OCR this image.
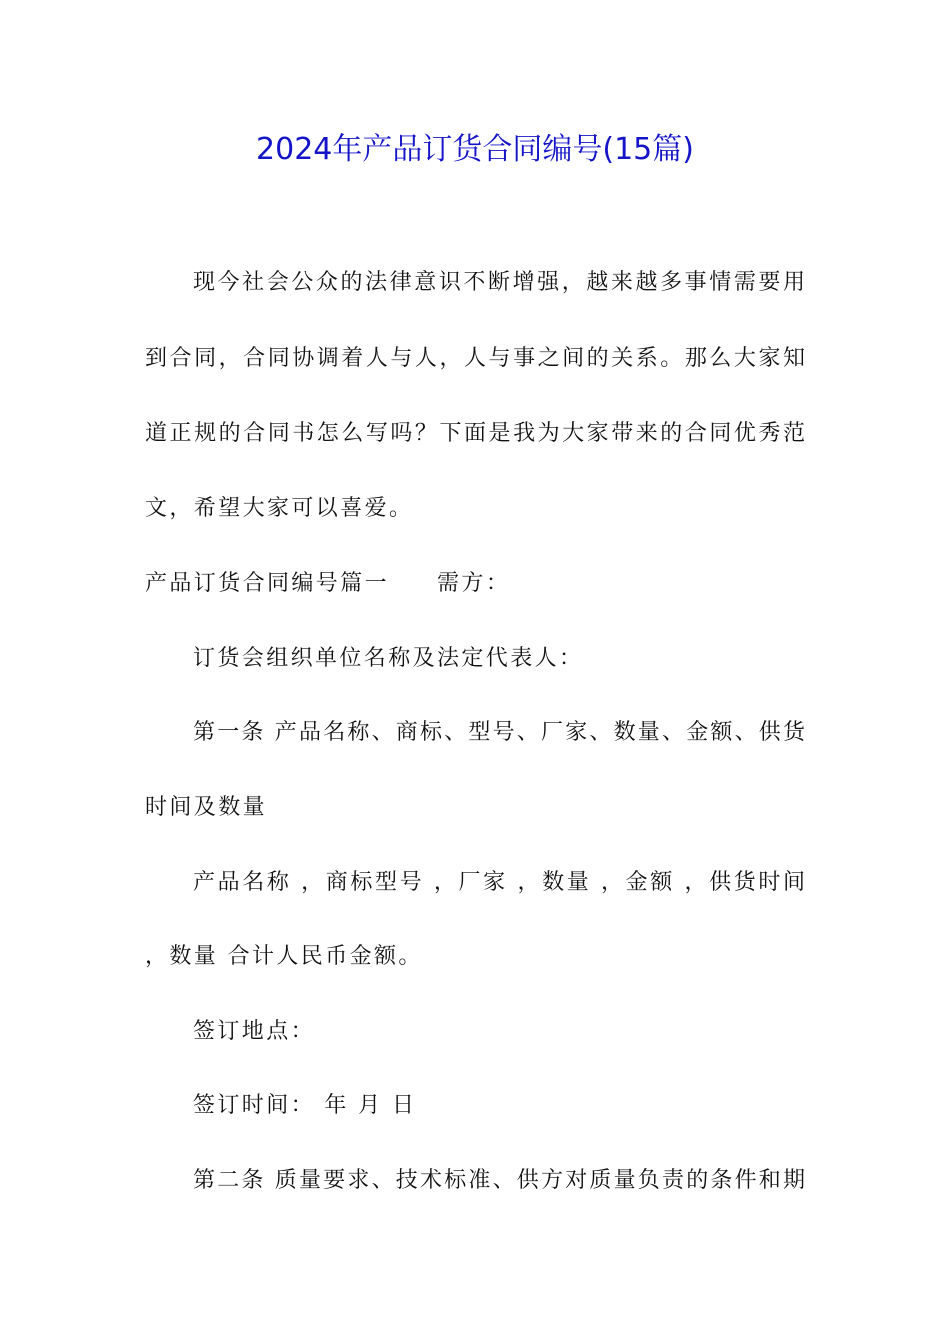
2024年产品订货合同编号(15篇)
现今社会公众的法律意识不断增强，越来越多事情需要用
到合同，合同协调着人与人，人与事之间的关系。那么大家知
道正规的合同书怎么写吗？下面是我为大家带来的合同优秀范
文，希望大家可以喜爱。
产品订货合同编号篇一 需方：
订货会组织单位名称及法定代表人：
第一条 产品名称、商标、型号、厂家、数量、金额、供货
时间及数量
产品名称 ，商标型号 ，厂家 ，数量 ，金额 ，供货时间
，数量 合计人民币金额。
签订地点：
签订时间： 年 月 日
第二条 质量要求、技术标准、供方对质量负责的条件和期
